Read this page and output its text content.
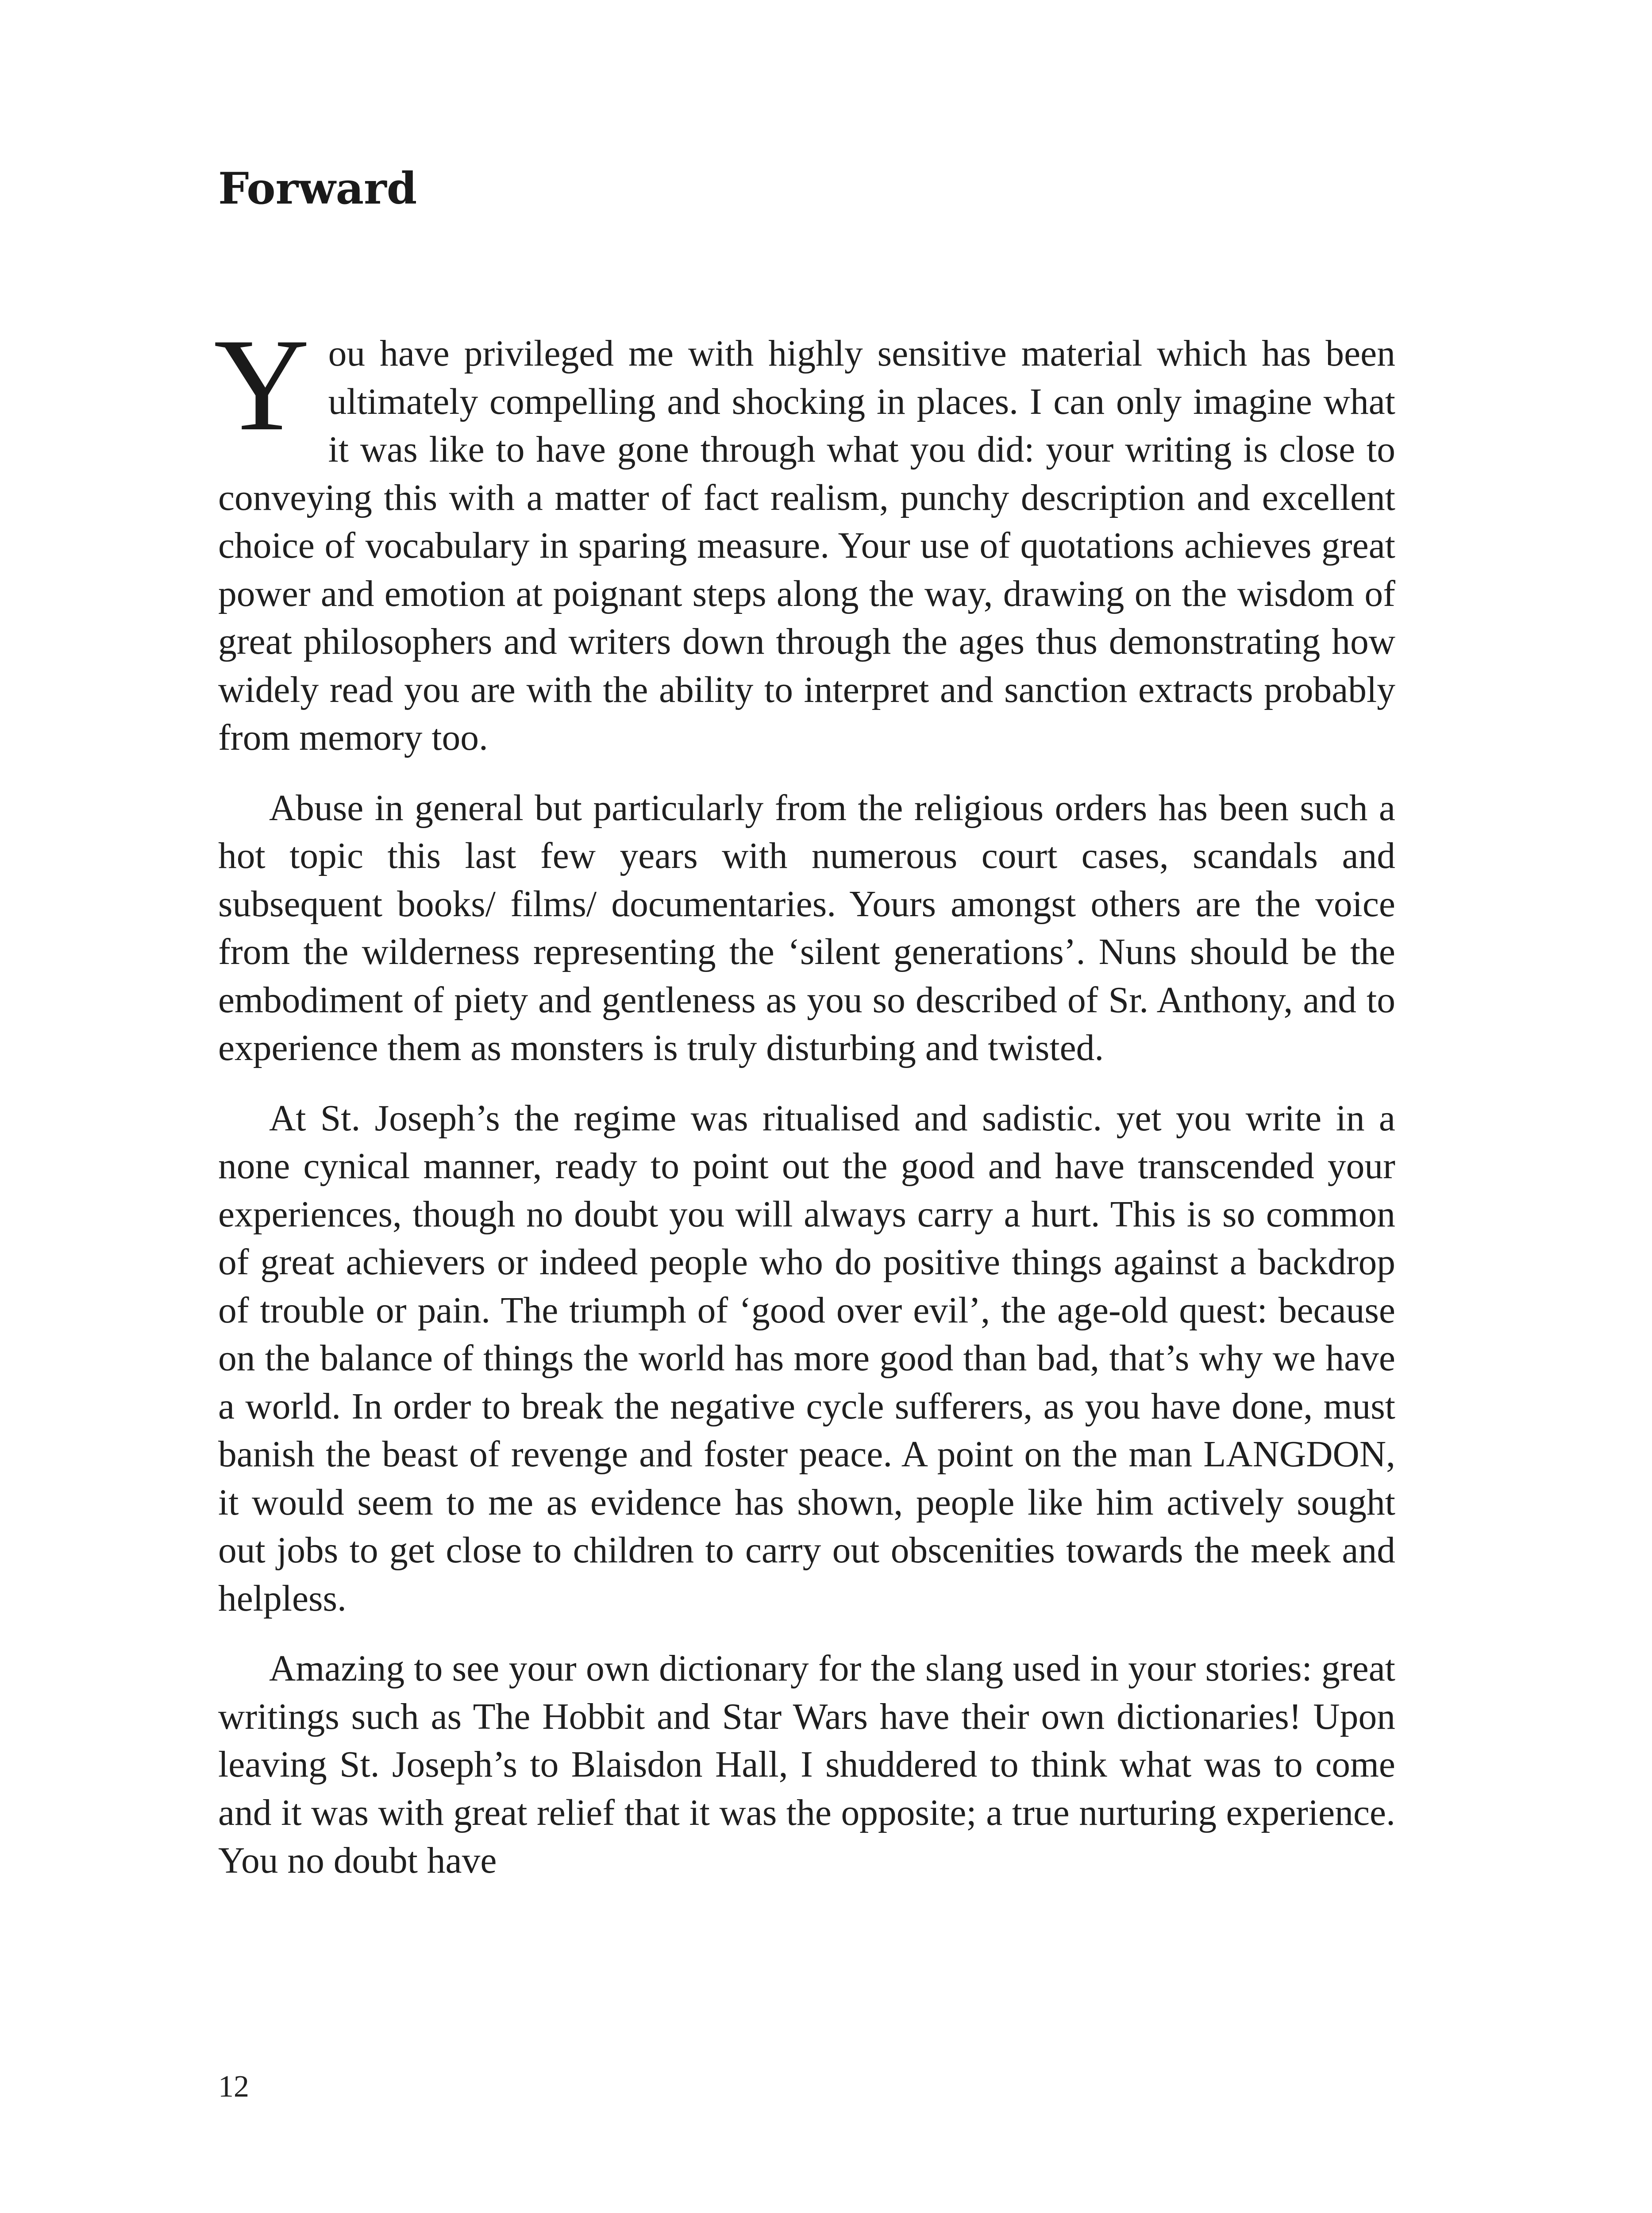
Forward

You have privileged me with highly sensitive material which has been ultimately compelling and shocking in places. I can only imagine what it was like to have gone through what you did: your writing is close to conveying this with a matter of fact realism, punchy description and excellent choice of vocabulary in sparing measure. Your use of quotations achieves great power and emotion at poignant steps along the way, drawing on the wisdom of great philosophers and writers down through the ages thus demonstrating how widely read you are with the ability to interpret and sanction extracts probably from memory too.

Abuse in general but particularly from the religious orders has been such a hot topic this last few years with numerous court cases, scandals and subsequent books/ films/ documentaries. Yours amongst others are the voice from the wilderness representing the ‘silent generations’. Nuns should be the embodiment of piety and gentleness as you so described of Sr. Anthony, and to experience them as monsters is truly disturbing and twisted.

At St. Joseph’s the regime was ritualised and sadistic. yet you write in a none cynical manner, ready to point out the good and have transcended your experiences, though no doubt you will always carry a hurt. This is so common of great achievers or indeed people who do positive things against a backdrop of trouble or pain. The triumph of ‘good over evil’, the age-old quest: because on the balance of things the world has more good than bad, that’s why we have a world. In order to break the negative cycle sufferers, as you have done, must banish the beast of revenge and foster peace. A point on the man LANGDON, it would seem to me as evidence has shown, people like him actively sought out jobs to get close to children to carry out obscenities towards the meek and helpless.

Amazing to see your own dictionary for the slang used in your stories: great writings such as The Hobbit and Star Wars have their own dictionaries! Upon leaving St. Joseph’s to Blaisdon Hall, I shuddered to think what was to come and it was with great relief that it was the opposite; a true nurturing experience. You no doubt have

12
